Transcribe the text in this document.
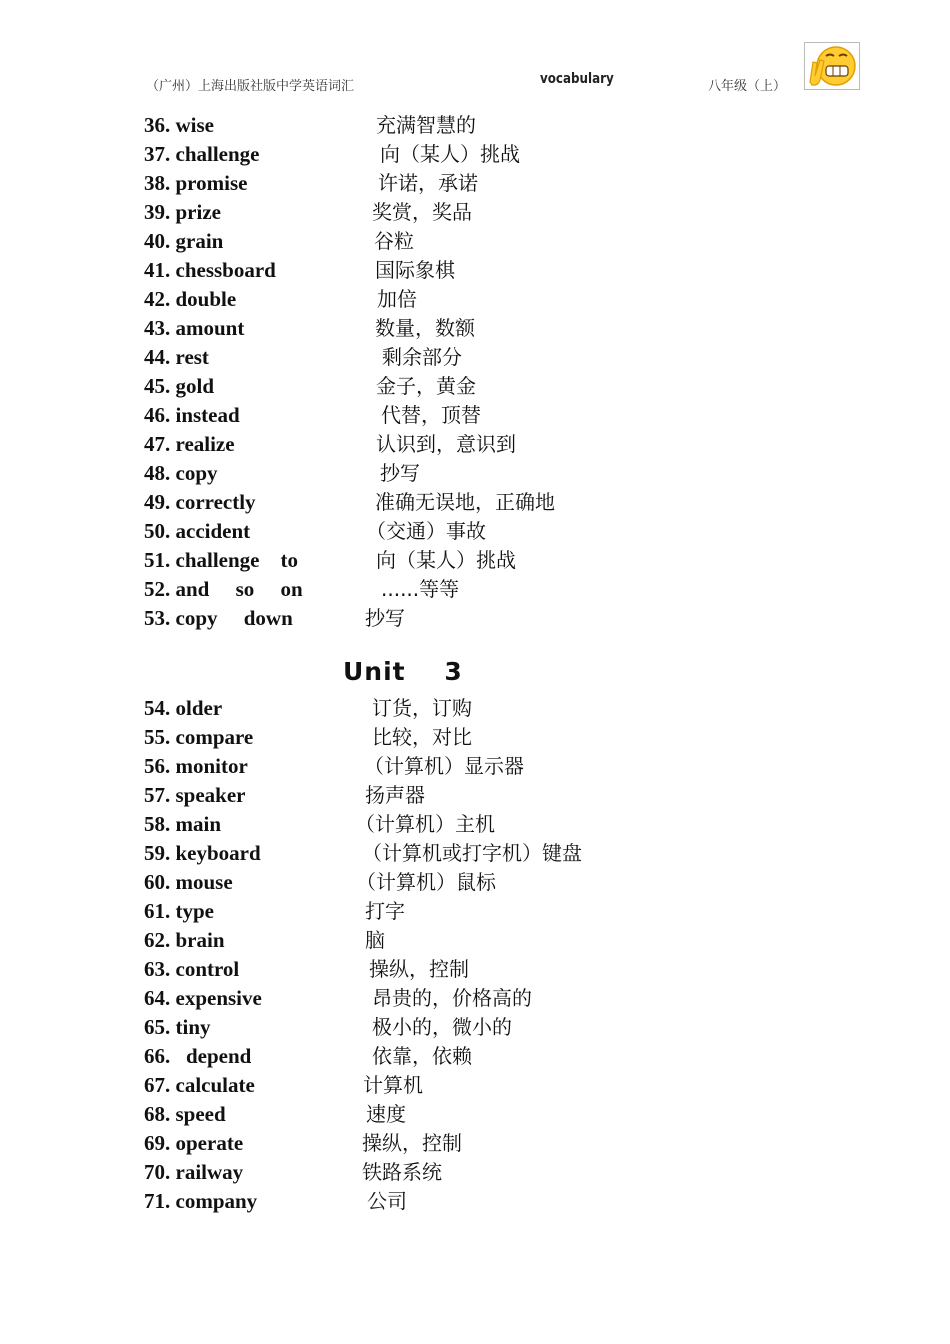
（广州）上海出版社版中学英语词汇	vocabulary	八年级（上）
36. wise	充满智慧的
37. challenge	向（某人）挑战
38. promise	许诺，承诺
39. prize	奖赏，奖品
40. grain	谷粒
41. chessboard	国际象棋
42. double	加倍
43. amount	数量，数额
44. rest	剩余部分
45. gold	金子，黄金
46. instead	代替，顶替
47. realize	认识到，意识到
48. copy	抄写
49. correctly	准确无误地，正确地
50. accident	（交通）事故
51. challenge    to	向（某人）挑战
52. and     so     on	......等等
53. copy     down	抄写
Unit    3
54. older	订货，订购
55. compare	比较，对比
56. monitor	（计算机）显示器
57. speaker	扬声器
58. main	（计算机）主机
59. keyboard	（计算机或打字机）键盘
60. mouse	（计算机）鼠标
61. type	打字
62. brain	脑
63. control	操纵，控制
64. expensive	昂贵的，价格高的
65. tiny	极小的，微小的
66.   depend	依靠，依赖
67. calculate	计算机
68. speed	速度
69. operate	操纵，控制
70. railway	铁路系统
71. company	公司
